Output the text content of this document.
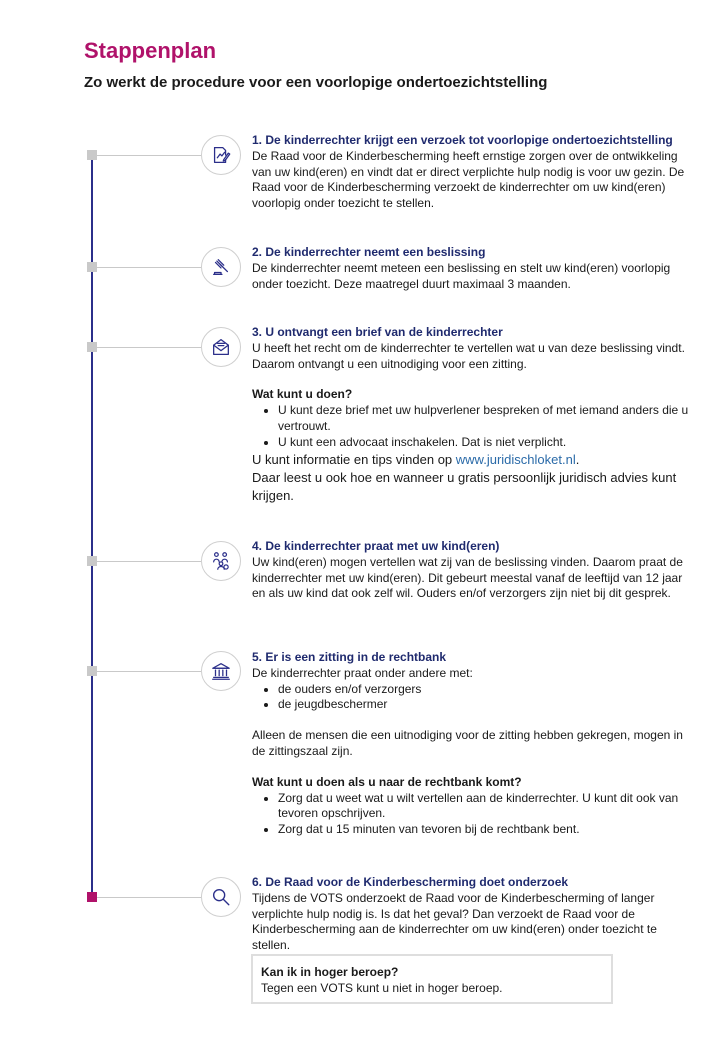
Stappenplan
Zo werkt de procedure voor een voorlopige ondertoezichtstelling

1. De kinderrechter krijgt een verzoek tot voorlopige ondertoezichtstelling

De Raad voor de Kinderbescherming heeft ernstige zorgen over de ontwikkeling van uw kind(eren) en vindt dat er direct verplichte hulp nodig is voor uw gezin. De Raad voor de Kinderbescherming verzoekt de kinderrechter om uw kind(eren) voorlopig onder toezicht te stellen.

2. De kinderrechter neemt een beslissing

De kinderrechter neemt meteen een beslissing en stelt uw kind(eren) voorlopig onder toezicht. Deze maatregel duurt maximaal 3 maanden.

3. U ontvangt een brief van de kinderrechter

U heeft het recht om de kinderrechter te vertellen wat u van deze beslissing vindt. Daarom ontvangt u een uitnodiging voor een zitting.

Wat kunt u doen?

• U kunt deze brief met uw hulpverlener bespreken of met iemand anders die u vertrouwt.
• U kunt een advocaat inschakelen. Dat is niet verplicht.

U kunt informatie en tips vinden op www.juridischloket.nl.

Daar leest u ook hoe en wanneer u gratis persoonlijk juridisch advies kunt krijgen.

4. De kinderrechter praat met uw kind(eren)

Uw kind(eren) mogen vertellen wat zij van de beslissing vinden. Daarom praat de kinderrechter met uw kind(eren). Dit gebeurt meestal vanaf de leeftijd van 12 jaar en als uw kind dat ook zelf wil. Ouders en/of verzorgers zijn niet bij dit gesprek.

5. Er is een zitting in de rechtbank

De kinderrechter praat onder andere met:

• de ouders en/of verzorgers
• de jeugdbeschermer

Alleen de mensen die een uitnodiging voor de zitting hebben gekregen, mogen in de zittingszaal zijn.

Wat kunt u doen als u naar de rechtbank komt?

• Zorg dat u weet wat u wilt vertellen aan de kinderrechter. U kunt dit ook van tevoren opschrijven.
• Zorg dat u 15 minuten van tevoren bij de rechtbank bent.

6. De Raad voor de Kinderbescherming doet onderzoek

Tijdens de VOTS onderzoekt de Raad voor de Kinderbescherming of langer verplichte hulp nodig is. Is dat het geval? Dan verzoekt de Raad voor de Kinderbescherming aan de kinderrechter om uw kind(eren) onder toezicht te stellen.

Kan ik in hoger beroep?
Tegen een VOTS kunt u niet in hoger beroep.
